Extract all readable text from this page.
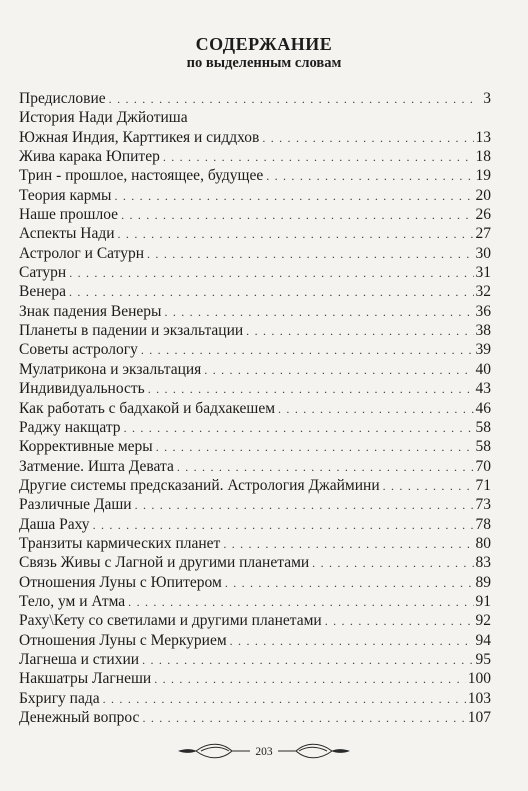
СОДЕРЖАНИЕ
по выделенным словам
Предисловие . . .	3
История Нади Джйотиша
Южная Индия, Карттикея и сиддхов . . .	13
Жива карака Юпитер . . .	18
Трин - прошлое, настоящее, будущее . . .	19
Теория кармы . . .	20
Наше прошлое . . .	26
Аспекты Нади . . .	27
Астролог и Сатурн . . .	30
Сатурн . . .	31
Венера . . .	32
Знак падения Венеры . . .	36
Планеты в падении и экзальтации . . .	38
Советы астрологу . . .	39
Мулатрикона и экзальтация . . .	40
Индивидуальность . . .	43
Как работать с бадхакой и бадхакешем . . .	46
Раджу накщатр . . .	58
Коррективные меры . . .	58
Затмение. Ишта Девата . . .	70
Другие системы предсказаний. Астрология Джаймини . . .	71
Различные Даши . . .	73
Даша Раху . . .	78
Транзиты кармических планет . . .	80
Связь Живы с Лагной и другими планетами . . .	83
Отношения Луны с Юпитером . . .	89
Тело, ум и Атма . . .	91
Раху\Кету со светилами и другими планетами . . .	92
Отношения Луны с Меркурием . . .	94
Лагнеша и стихии . . .	95
Накшатры Лагнеши . . .	100
Бхригу пада . . .	103
Денежный вопрос . . .	107
203
